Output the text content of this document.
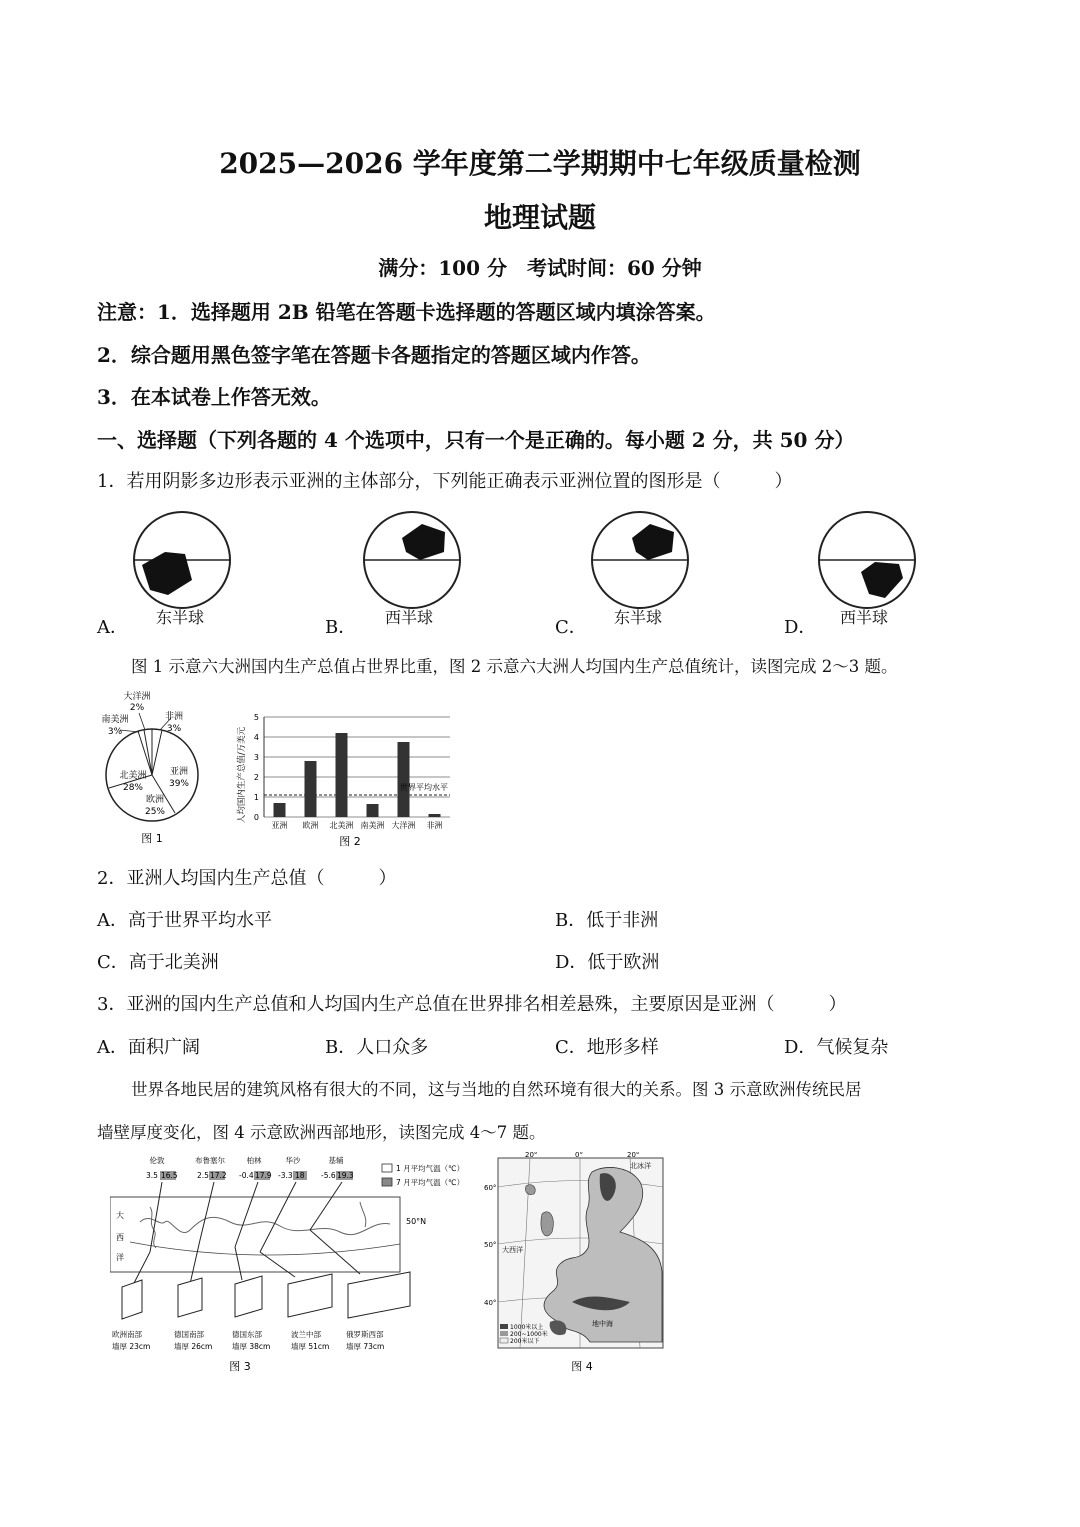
2025—2026 学年度第二学期期中七年级质量检测
地理试题
满分：100 分　考试时间：60 分钟
注意：1．选择题用 2B 铅笔在答题卡选择题的答题区域内填涂答案。
2．综合题用黑色签字笔在答题卡各题指定的答题区域内作答。
3．在本试卷上作答无效。
一、选择题（下列各题的 4 个选项中，只有一个是正确的。每小题 2 分，共 50 分）
1．若用阴影多边形表示亚洲的主体部分，下列能正确表示亚洲位置的图形是（　　　）
A． 东半球	B． 西半球	C． 东半球	D． 西半球
图 1 示意六大洲国内生产总值占世界比重，图 2 示意六大洲人均国内生产总值统计，读图完成 2～3 题。
大洋洲
2%
南美洲
3%
非洲
3%
北美洲
28%
亚洲
39%
欧洲
25%
图 1
0
1
2
3
4
5
亚洲 欧洲 北美洲 南美洲 大洋洲 非洲
世界平均水平
人均国内生产总值/万美元
图 2
2．亚洲人均国内生产总值（　　　）
A．高于世界平均水平	B．低于非洲
C．高于北美洲	D．低于欧洲
3．亚洲的国内生产总值和人均国内生产总值在世界排名相差悬殊，主要原因是亚洲（　　　）
A．面积广阔	B．人口众多	C．地形多样	D．气候复杂
世界各地民居的建筑风格有很大的不同，这与当地的自然环境有很大的关系。图 3 示意欧洲传统民居
墙壁厚度变化，图 4 示意欧洲西部地形，读图完成 4～7 题。
伦敦
3.5 16.5
布鲁塞尔
2.5 17.2
柏林
-0.4 17.9
华沙
-3.3 18
基辅
-5.6 19.3
1 月平均气温（℃）
7 月平均气温（℃）
大
西
洋
50°N
欧洲南部
墙厚 23cm
德国南部
墙厚 26cm
德国东部
墙厚 38cm
波兰中部
墙厚 51cm
俄罗斯西部
墙厚 73cm
图 3
北冰洋
大西洋
地中海
60°
50°
40°
20°	0°	20°
1000米以上
200~1000米
200米以下
图 4
